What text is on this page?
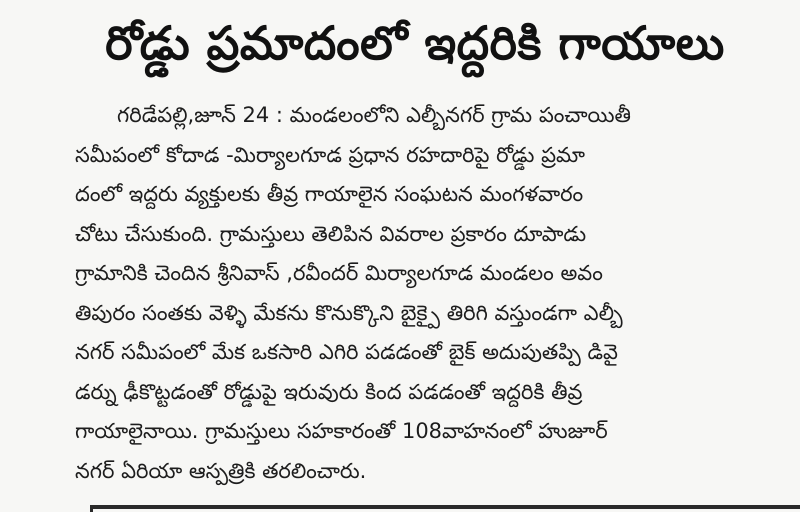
రోడ్డు ప్రమాదంలో ఇద్దరికి గాయాలు
గరిడేపల్లి,జూన్ 24 : మండలంలోని ఎల్బీనగర్ గ్రామ పంచాయితీ
సమీపంలో కోదాడ -మిర్యాలగూడ ప్రధాన రహదారిపై రోడ్డు ప్రమా
దంలో ఇద్దరు వ్యక్తులకు తీవ్ర గాయాలైన సంఘటన మంగళవారం
చోటు చేసుకుంది. గ్రామస్తులు తెలిపిన వివరాల ప్రకారం దూపాడు
గ్రామానికి చెందిన శ్రీనివాస్ ,రవీందర్ మిర్యాలగూడ మండలం అవం
తిపురం సంతకు వెళ్ళి మేకను కొనుక్కొని బైక్పై తిరిగి వస్తుండగా ఎల్బీ
నగర్ సమీపంలో మేక ఒకసారి ఎగిరి పడడంతో బైక్ అదుపుతప్పి డివై
డర్ను ఢీకొట్టడంతో రోడ్డుపై ఇరువురు కింద పడడంతో ఇద్దరికి తీవ్ర
గాయాలైనాయి. గ్రామస్తులు సహకారంతో 108వాహనంలో హుజూర్
నగర్ ఏరియా ఆస్పత్రికి తరలించారు.
